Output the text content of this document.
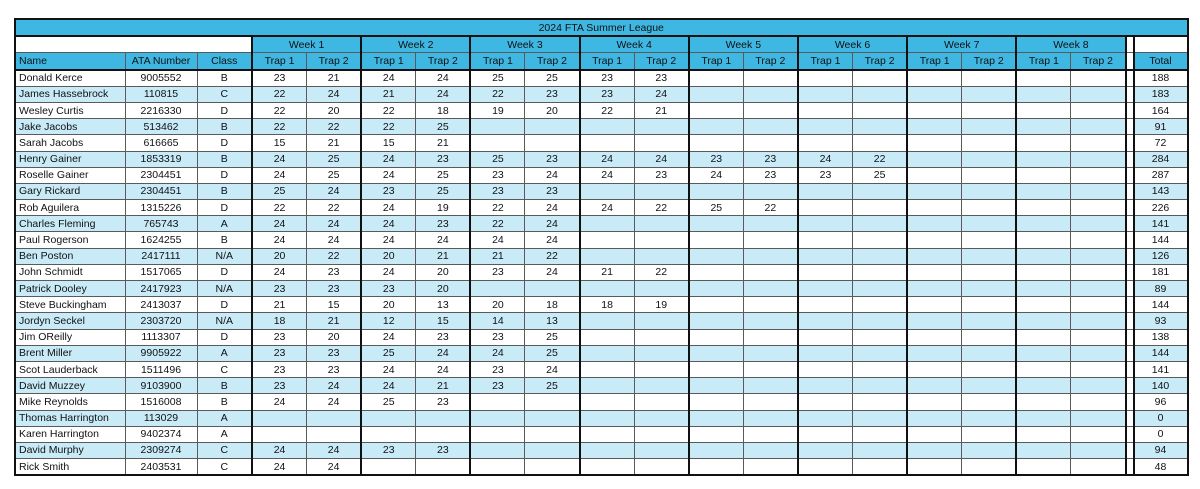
2024 FTA Summer League																				
			Week 1		Week 2		Week 3		Week 4		Week 5		Week 6		Week 7		Week 8			
Name	ATA Number	Class	Trap 1	Trap 2	Trap 1	Trap 2	Trap 1	Trap 2	Trap 1	Trap 2	Trap 1	Trap 2	Trap 1	Trap 2	Trap 1	Trap 2	Trap 1	Trap 2		Total
Donald Kerce	9005552	B	23	21	24	24	25	25	23	23										188
James Hassebrock	110815	C	22	24	21	24	22	23	23	24										183
Wesley Curtis	2216330	D	22	20	22	18	19	20	22	21										164
Jake Jacobs	513462	B	22	22	22	25														91
Sarah Jacobs	616665	D	15	21	15	21														72
Henry Gainer	1853319	B	24	25	24	23	25	23	24	24	23	23	24	22						284
Roselle Gainer	2304451	D	24	25	24	25	23	24	24	23	24	23	23	25						287
Gary Rickard	2304451	B	25	24	23	25	23	23												143
Rob Aguilera	1315226	D	22	22	24	19	22	24	24	22	25	22								226
Charles Fleming	765743	A	24	24	24	23	22	24												141
Paul Rogerson	1624255	B	24	24	24	24	24	24												144
Ben Poston	2417111	N/A	20	22	20	21	21	22												126
John Schmidt	1517065	D	24	23	24	20	23	24	21	22										181
Patrick Dooley	2417923	N/A	23	23	23	20														89
Steve Buckingham	2413037	D	21	15	20	13	20	18	18	19										144
Jordyn Seckel	2303720	N/A	18	21	12	15	14	13												93
Jim OReilly	1113307	D	23	20	24	23	23	25												138
Brent Miller	9905922	A	23	23	25	24	24	25												144
Scot Lauderback	1511496	C	23	23	24	24	23	24												141
David Muzzey	9103900	B	23	24	24	21	23	25												140
Mike Reynolds	1516008	B	24	24	25	23														96
Thomas Harrington	113029	A																		0
Karen Harrington	9402374	A																		0
David Murphy	2309274	C	24	24	23	23														94
Rick Smith	2403531	C	24	24																48
